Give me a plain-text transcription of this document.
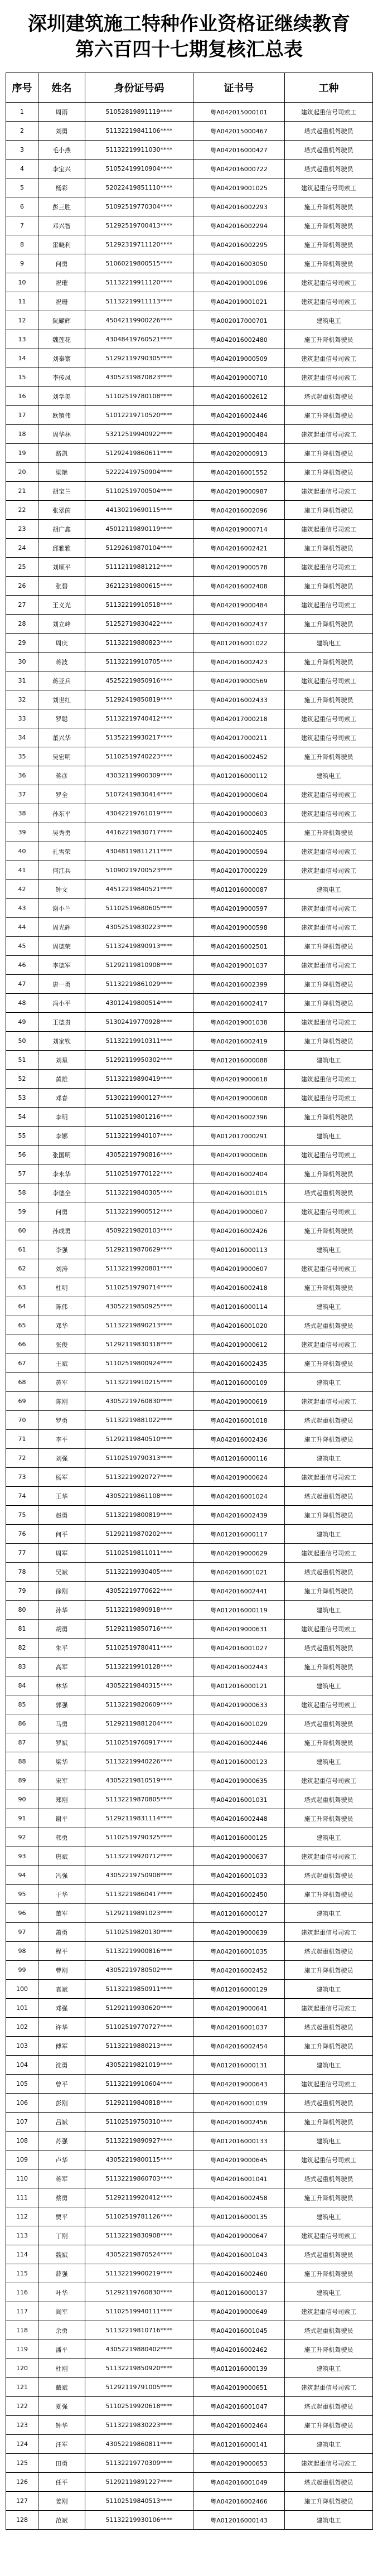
深圳建筑施工特种作业资格证继续教育
第六百四十七期复核汇总表
序号	姓名	身份证号码	证书号	工种
1	周雨	51052819891119****	粤A042015000101	建筑起重信号司索工
2	刘勇	51132219841106****	粤A042015000467	塔式起重机驾驶员
3	毛小燕	51132219911030****	粤A042016000427	塔式起重机驾驶员
4	李宝兴	51052419910904****	粤A042016000722	塔式起重机驾驶员
5	杨彩	52022419851110****	粤A042019001025	建筑起重信号司索工
6	彭三胜	51092519770304****	粤A042016002293	施工升降机驾驶员
7	邓兴智	51292519700413****	粤A042016002294	施工升降机驾驶员
8	雷晓利	51292319711120****	粤A042016002295	施工升降机驾驶员
9	何勇	51060219800515****	粤A042016003050	施工升降机驾驶员
10	祝璀	51132219911120****	粤A042019001096	建筑起重信号司索工
11	祝珊	51132219911113****	粤A042019001021	建筑起重信号司索工
12	阮耀辉	45042119900226****	粤A002017000701	建筑电工
13	魏莲花	43048419760521****	粤A042016002480	施工升降机驾驶员
14	刘秦寨	51292119790305****	粤A042019000509	建筑起重信号司索工
15	李传凤	43052319870823****	粤A042019000710	建筑起重信号司索工
16	刘学美	51102519780108****	粤A042016002612	塔式起重机驾驶员
17	欧镇伟	51012219710520****	粤A042016002446	施工升降机驾驶员
18	周华林	53212519940922****	粤A042019000484	建筑起重信号司索工
19	路凯	51292419860611****	粤A042020000913	施工升降机驾驶员
20	梁艳	52222419750904****	粤A042016001552	施工升降机驾驶员
21	胡宝兰	51102519700504****	粤A042019000987	建筑起重信号司索工
22	张翠茵	44130219690115****	粤A042016002096	施工升降机驾驶员
23	胡广鑫	45012119890119****	粤A042019000714	建筑起重信号司索工
24	邱雅雅	51292619870104****	粤A042016002421	施工升降机驾驶员
25	刘顺平	51112119881212****	粤A042019000578	建筑起重信号司索工
26	张碧	36212319800615****	粤A042016002408	施工升降机驾驶员
27	王义光	51132219910518****	粤A042019000484	建筑起重信号司索工
28	刘立峰	51252719830422****	粤A042016002437	施工升降机驾驶员
29	周庆	51132219880823****	粤A012016001022	建筑电工
30	蒋波	51132219910705****	粤A042016002423	施工升降机驾驶员
31	蒋亚兵	45252219850916****	粤A042019000569	建筑起重信号司索工
32	刘世红	51292419850819****	粤A042016002433	施工升降机驾驶员
33	罗聪	51132219740412****	粤A042017000218	建筑起重信号司索工
34	董兴华	51352219930217****	粤A042017000211	建筑起重信号司索工
35	吴宏明	51102519740223****	粤A042016002452	施工升降机驾驶员
36	蒋彦	43032119900309****	粤A012016000112	建筑电工
37	罗全	51072419830414****	粤A042019000604	建筑起重信号司索工
38	孙东平	43042219761019****	粤A042019000603	建筑起重信号司索工
39	吴秀勇	44162219830717****	粤A042016002405	施工升降机驾驶员
40	孔雪荣	43048119811211****	粤A042019000594	建筑起重信号司索工
41	何江兵	51090219700523****	粤A042017000229	建筑起重信号司索工
42	钟文	44512219840521****	粤A012016000087	建筑电工
43	谢小兰	51102519680605****	粤A042019000597	建筑起重信号司索工
44	周光辉	43052519830223****	粤A042019000598	建筑起重信号司索工
45	周德荣	51132419890913****	粤A042016002501	施工升降机驾驶员
46	李德军	51292119810908****	粤A042019001037	建筑起重信号司索工
47	唐一勇	51132219861029****	粤A042016002399	施工升降机驾驶员
48	冯小平	43012419800514****	粤A042016002417	施工升降机驾驶员
49	王德贵	51302419770928****	粤A042019001038	建筑起重信号司索工
50	刘家钦	51132219910311****	粤A042016002419	施工升降机驾驶员
51	刘星	51292119950302****	粤A012016000088	建筑电工
52	黄雄	51132219890419****	粤A042019000618	建筑起重信号司索工
53	邓春	51302219900127****	粤A042019000608	建筑起重信号司索工
54	李明	51102519801216****	粤A042016002396	施工升降机驾驶员
55	李娜	51132219940107****	粤A012017000291	建筑电工
56	张国明	43052219790816****	粤A042019000606	建筑起重信号司索工
57	李永华	51102519770122****	粤A042016002404	施工升降机驾驶员
58	李德全	51132219840305****	粤A042016001015	塔式起重机驾驶员
59	何勇	51132219900512****	粤A042019000607	建筑起重信号司索工
60	孙成勇	45092219820103****	粤A042016002426	施工升降机驾驶员
61	李强	51292119870629****	粤A012016000113	建筑电工
62	刘涛	51132219920801****	粤A042019000607	建筑起重信号司索工
63	杜明	51102519790714****	粤A042016002418	施工升降机驾驶员
64	陈伟	43052219850925****	粤A012016000114	建筑电工
65	邓华	51132219890213****	粤A042016001020	塔式起重机驾驶员
66	张俊	51292119830318****	粤A042019000612	建筑起重信号司索工
67	王斌	51102519800924****	粤A042016002435	施工升降机驾驶员
68	黄军	51132219910215****	粤A012016000109	建筑电工
69	陈刚	43052219760830****	粤A042019000619	建筑起重信号司索工
70	罗勇	51132219881022****	粤A042016001018	塔式起重机驾驶员
71	李平	51292119840510****	粤A042016002436	施工升降机驾驶员
72	刘强	51102519790313****	粤A012016000116	建筑电工
73	杨军	51132219920727****	粤A042019000624	建筑起重信号司索工
74	王华	43052219861108****	粤A042016001024	塔式起重机驾驶员
75	赵勇	51132219800819****	粤A042016002439	施工升降机驾驶员
76	何平	51292119870202****	粤A012016000117	建筑电工
77	周军	51102519811011****	粤A042019000629	建筑起重信号司索工
78	吴斌	51132219930405****	粤A042016001021	塔式起重机驾驶员
79	徐刚	43052219770622****	粤A042016002441	施工升降机驾驶员
80	孙华	51132219890918****	粤A012016000119	建筑电工
81	胡勇	51292119850716****	粤A042019000631	建筑起重信号司索工
82	朱平	51102519780411****	粤A042016001027	塔式起重机驾驶员
83	高军	51132219910128****	粤A042016002443	施工升降机驾驶员
84	林华	43052219840315****	粤A012016000121	建筑电工
85	郭强	51132219820609****	粤A042019000633	建筑起重信号司索工
86	马勇	51292119881204****	粤A042016001029	塔式起重机驾驶员
87	罗斌	51102519760917****	粤A042016002446	施工升降机驾驶员
88	梁华	51132219940226****	粤A012016000123	建筑电工
89	宋军	43052219810519****	粤A042019000635	建筑起重信号司索工
90	郑刚	51132219870805****	粤A042016001031	塔式起重机驾驶员
91	谢平	51292119831114****	粤A042016002448	施工升降机驾驶员
92	韩勇	51102519790325****	粤A012016000125	建筑电工
93	唐斌	51132219920712****	粤A042019000637	建筑起重信号司索工
94	冯强	43052219750908****	粤A042016001033	塔式起重机驾驶员
95	于华	51132219860417****	粤A042016002450	施工升降机驾驶员
96	董军	51292119891023****	粤A012016000127	建筑电工
97	萧勇	51102519820130****	粤A042019000639	建筑起重信号司索工
98	程平	51132219900816****	粤A042016001035	塔式起重机驾驶员
99	曹刚	43052219780502****	粤A042016002452	施工升降机驾驶员
100	袁斌	51132219850911****	粤A012016000129	建筑电工
101	邓强	51292119930620****	粤A042019000641	建筑起重信号司索工
102	许华	51102519770727****	粤A042016001037	塔式起重机驾驶员
103	傅军	51132219880213****	粤A042016002454	施工升降机驾驶员
104	沈勇	43052219821019****	粤A012016000131	建筑电工
105	曾平	51132219910604****	粤A042019000643	建筑起重信号司索工
106	彭刚	51292119840818****	粤A042016001039	塔式起重机驾驶员
107	吕斌	51102519750310****	粤A042016002456	施工升降机驾驶员
108	苏强	51132219890927****	粤A012016000133	建筑电工
109	卢华	43052219800115****	粤A042019000645	建筑起重信号司索工
110	蒋军	51132219860703****	粤A042016001041	塔式起重机驾驶员
111	蔡勇	51292119920412****	粤A042016002458	施工升降机驾驶员
112	贾平	51102519781126****	粤A012016000135	建筑电工
113	丁刚	51132219830908****	粤A042019000647	建筑起重信号司索工
114	魏斌	43052219870524****	粤A042016001043	塔式起重机驾驶员
115	薛强	51132219900219****	粤A042016002460	施工升降机驾驶员
116	叶华	51292119760830****	粤A012016000137	建筑电工
117	阎军	51102519940111****	粤A042019000649	建筑起重信号司索工
118	余勇	51132219810716****	粤A042016001045	塔式起重机驾驶员
119	潘平	43052219880402****	粤A042016002462	施工升降机驾驶员
120	杜刚	51132219850920****	粤A012016000139	建筑电工
121	戴斌	51292119791005****	粤A042019000651	建筑起重信号司索工
122	夏强	51102519920618****	粤A042016001047	塔式起重机驾驶员
123	钟华	51132219830223****	粤A042016002464	施工升降机驾驶员
124	汪军	43052219860811****	粤A012016000141	建筑电工
125	田勇	51132219770309****	粤A042019000653	建筑起重信号司索工
126	任平	51292119891227****	粤A042016001049	塔式起重机驾驶员
127	姜刚	51102519840513****	粤A042016002466	施工升降机驾驶员
128	范斌	51132219930106****	粤A012016000143	建筑电工
